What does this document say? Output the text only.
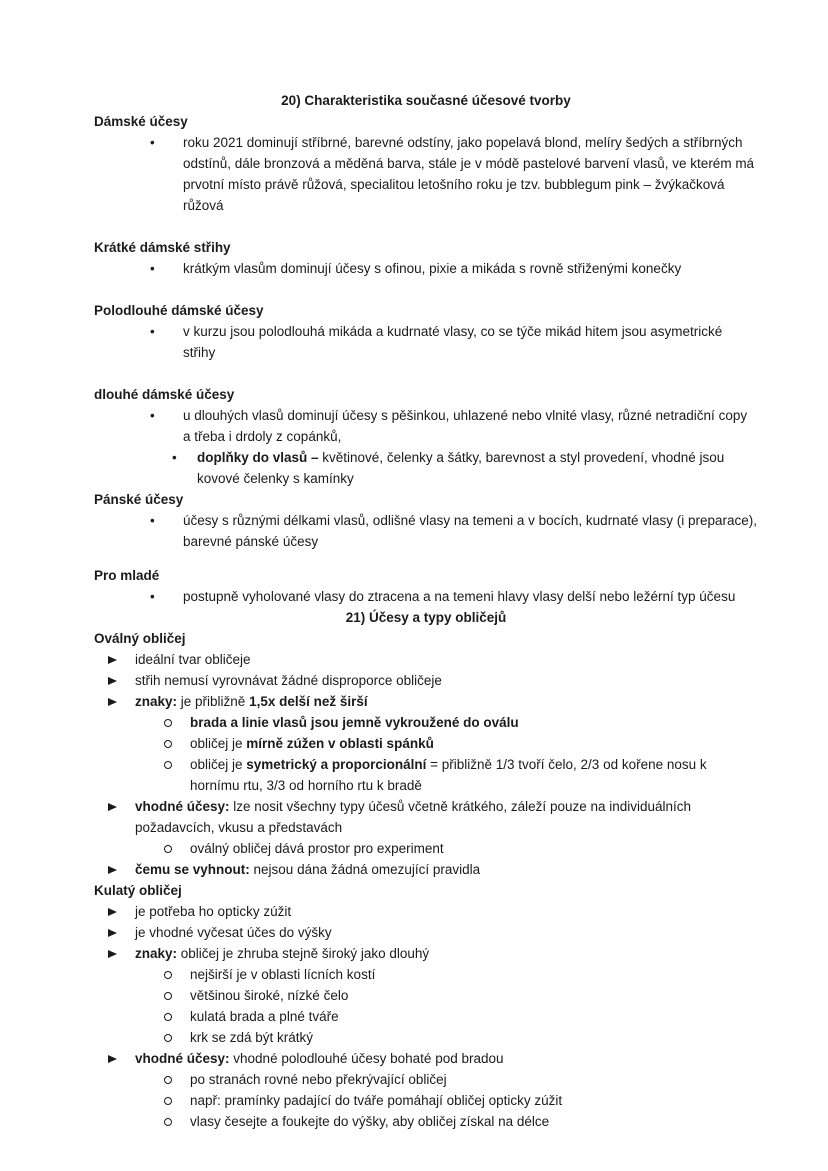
20) Charakteristika současné účesové tvorby
Dámské účesy
• roku 2021 dominují stříbrné, barevné odstíny, jako popelavá blond, melíry šedých a stříbrných odstínů, dále bronzová a měděná barva, stále je v módě pastelové barvení vlasů, ve kterém má prvotní místo právě růžová, specialitou letošního roku je tzv. bubblegum pink – žvýkačková růžová
Krátké dámské střihy
• krátkým vlasům dominují účesy s ofinou, pixie a mikáda s rovně střiženými konečky
Polodlouhé dámské účesy
• v kurzu jsou polodlouhá mikáda a kudrnaté vlasy, co se týče mikád hitem jsou asymetrické střihy
dlouhé dámské účesy
• u dlouhých vlasů dominují účesy s pěšinkou, uhlazené nebo vlnité vlasy, různé netradiční copy a třeba i drdoly z copánků,
• doplňky do vlasů – květinové, čelenky a šátky, barevnost a styl provedení, vhodné jsou kovové čelenky s kamínky
Pánské účesy
• účesy s různými délkami vlasů, odlišné vlasy na temeni a v bocích, kudrnaté vlasy (i preparace), barevné pánské účesy
Pro mladé
• postupně vyholované vlasy do ztracena a na temeni hlavy vlasy delší nebo ležérní typ účesu
21) Účesy a typy obličejů
Oválný obličej
ideální tvar obličeje
střih nemusí vyrovnávat žádné disproporce obličeje
znaky: je přibližně 1,5x delší než širší
brada a linie vlasů jsou jemně vykroužené do oválu
obličej je mírně zúžen v oblasti spánků
obličej je symetrický a proporcionální = přibližně 1/3 tvoří čelo, 2/3 od kořene nosu k hornímu rtu, 3/3 od horního rtu k bradě
vhodné účesy: lze nosit všechny typy účesů včetně krátkého, záleží pouze na individuálních požadavcích, vkusu a představách
oválný obličej dává prostor pro experiment
čemu se vyhnout: nejsou dána žádná omezující pravidla
Kulatý obličej
je potřeba ho opticky zúžit
je vhodné vyčesat účes do výšky
znaky: obličej je zhruba stejně široký jako dlouhý
nejširší je v oblasti lícních kostí
většinou široké, nízké čelo
kulatá brada a plné tváře
krk se zdá být krátký
vhodné účesy: vhodné polodlouhé účesy bohaté pod bradou
po stranách rovné nebo překrývající obličej
např: pramínky padající do tváře pomáhají obličej opticky zúžit
vlasy česejte a foukejte do výšky, aby obličej získal na délce
